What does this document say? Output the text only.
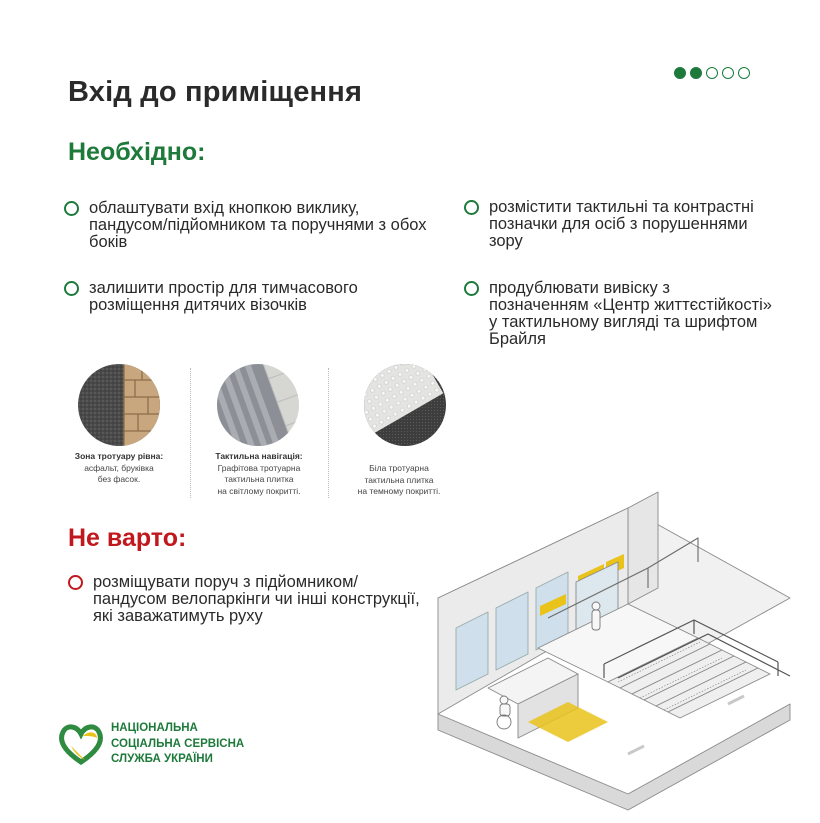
Вхід до приміщення
Необхідно:
облаштувати вхід кнопкою виклику, пандусом/підйомником та поручнями з обох боків
залишити простір для тимчасового розміщення дитячих візочків
розмістити тактильні та контрастні позначки для осіб з порушеннями зору
продублювати вивіску з позначенням «Центр життєстійкості» у тактильному вигляді та шрифтом Брайля
Зона тротуару рівна:
асфальт, бруківка
без фасок.
Тактильна навігація:
Графітова тротуарна
тактильна плитка
на світлому покритті.
Біла тротуарна
тактильна плитка
на темному покритті.
Не варто:
розміщувати поруч з підйомником/пандусом велопаркінги чи інші конструкції, які заважатимуть руху
НАЦІОНАЛЬНА
СОЦІАЛЬНА СЕРВІСНА
СЛУЖБА УКРАЇНИ
